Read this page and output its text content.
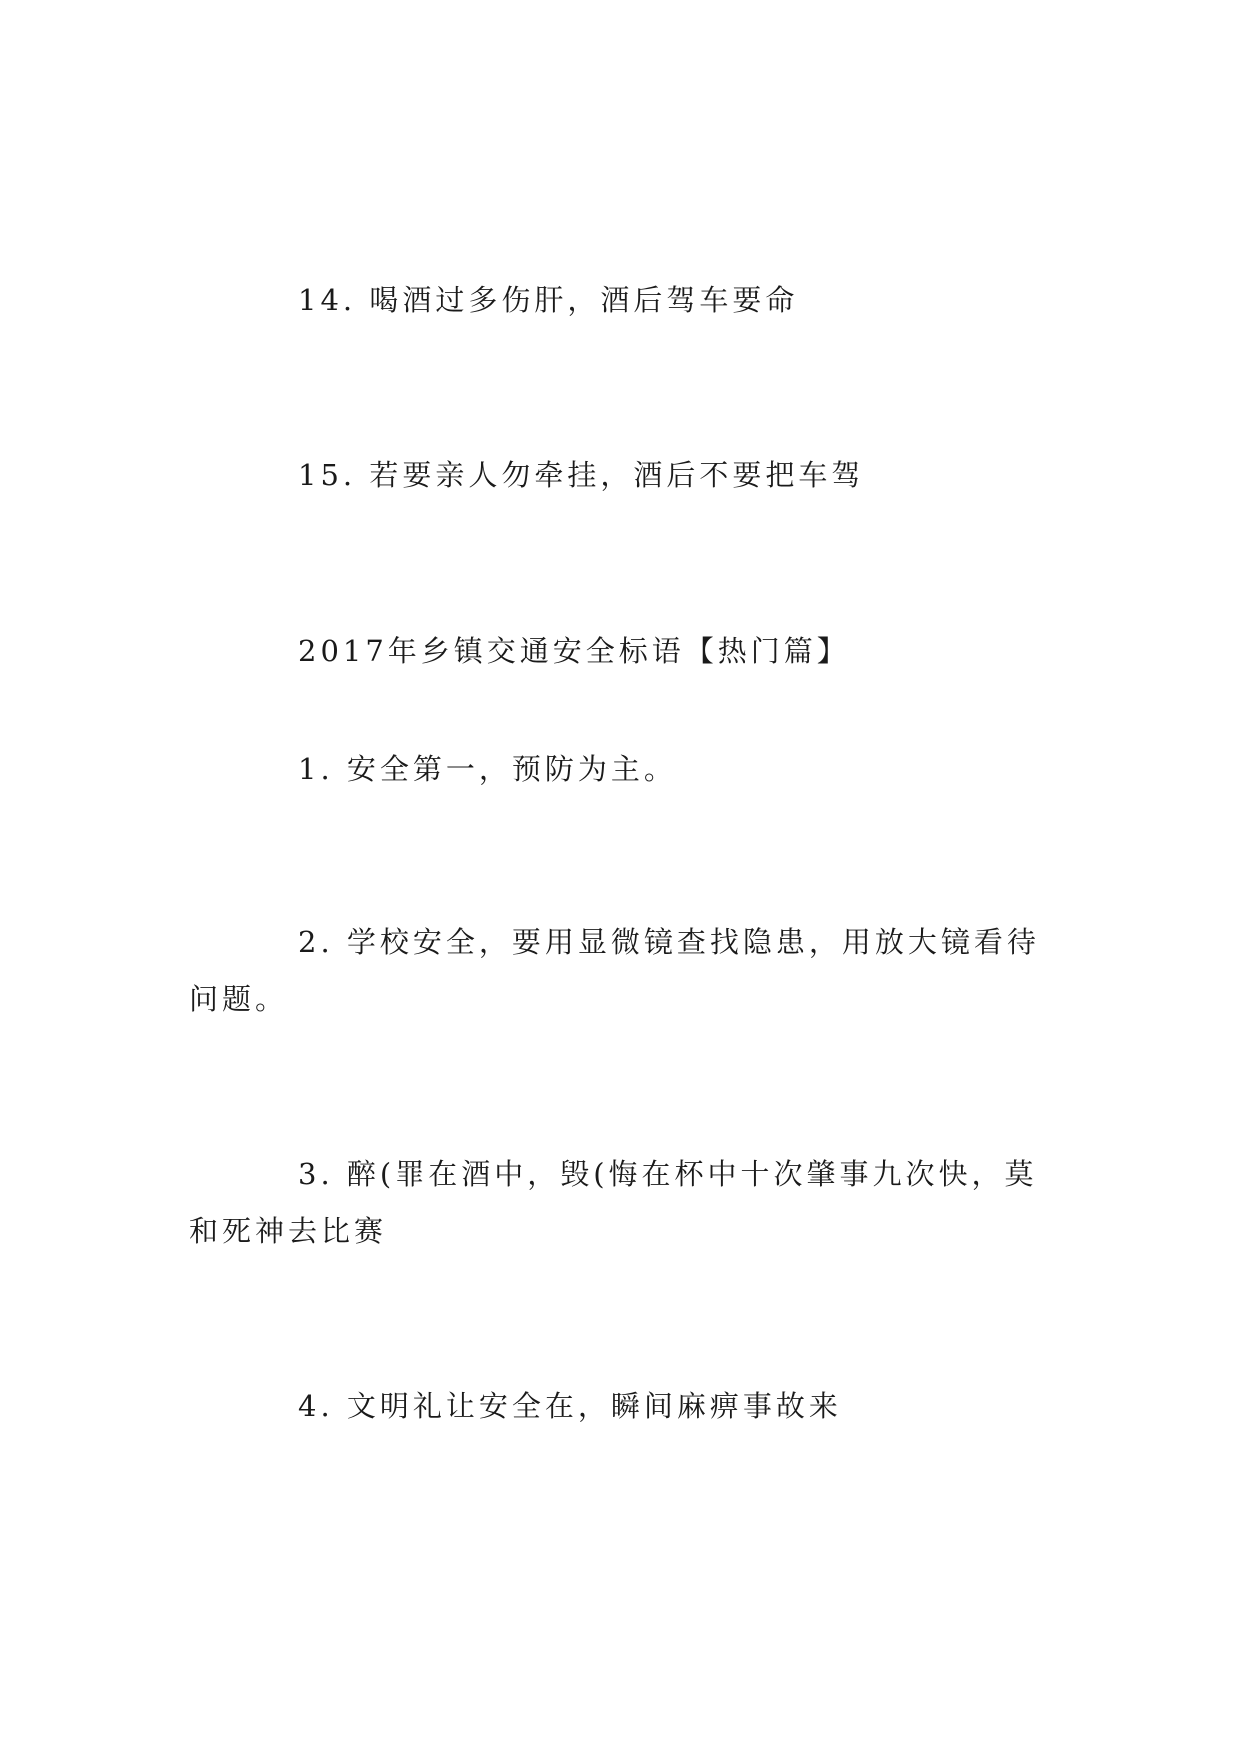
14. 喝酒过多伤肝，酒后驾车要命
15. 若要亲人勿牵挂，酒后不要把车驾
2017年乡镇交通安全标语【热门篇】
1. 安全第一，预防为主。
2. 学校安全，要用显微镜查找隐患，用放大镜看待
问题。
3. 醉(罪在酒中，毁(悔在杯中十次肇事九次快，莫
和死神去比赛
4. 文明礼让安全在，瞬间麻痹事故来
